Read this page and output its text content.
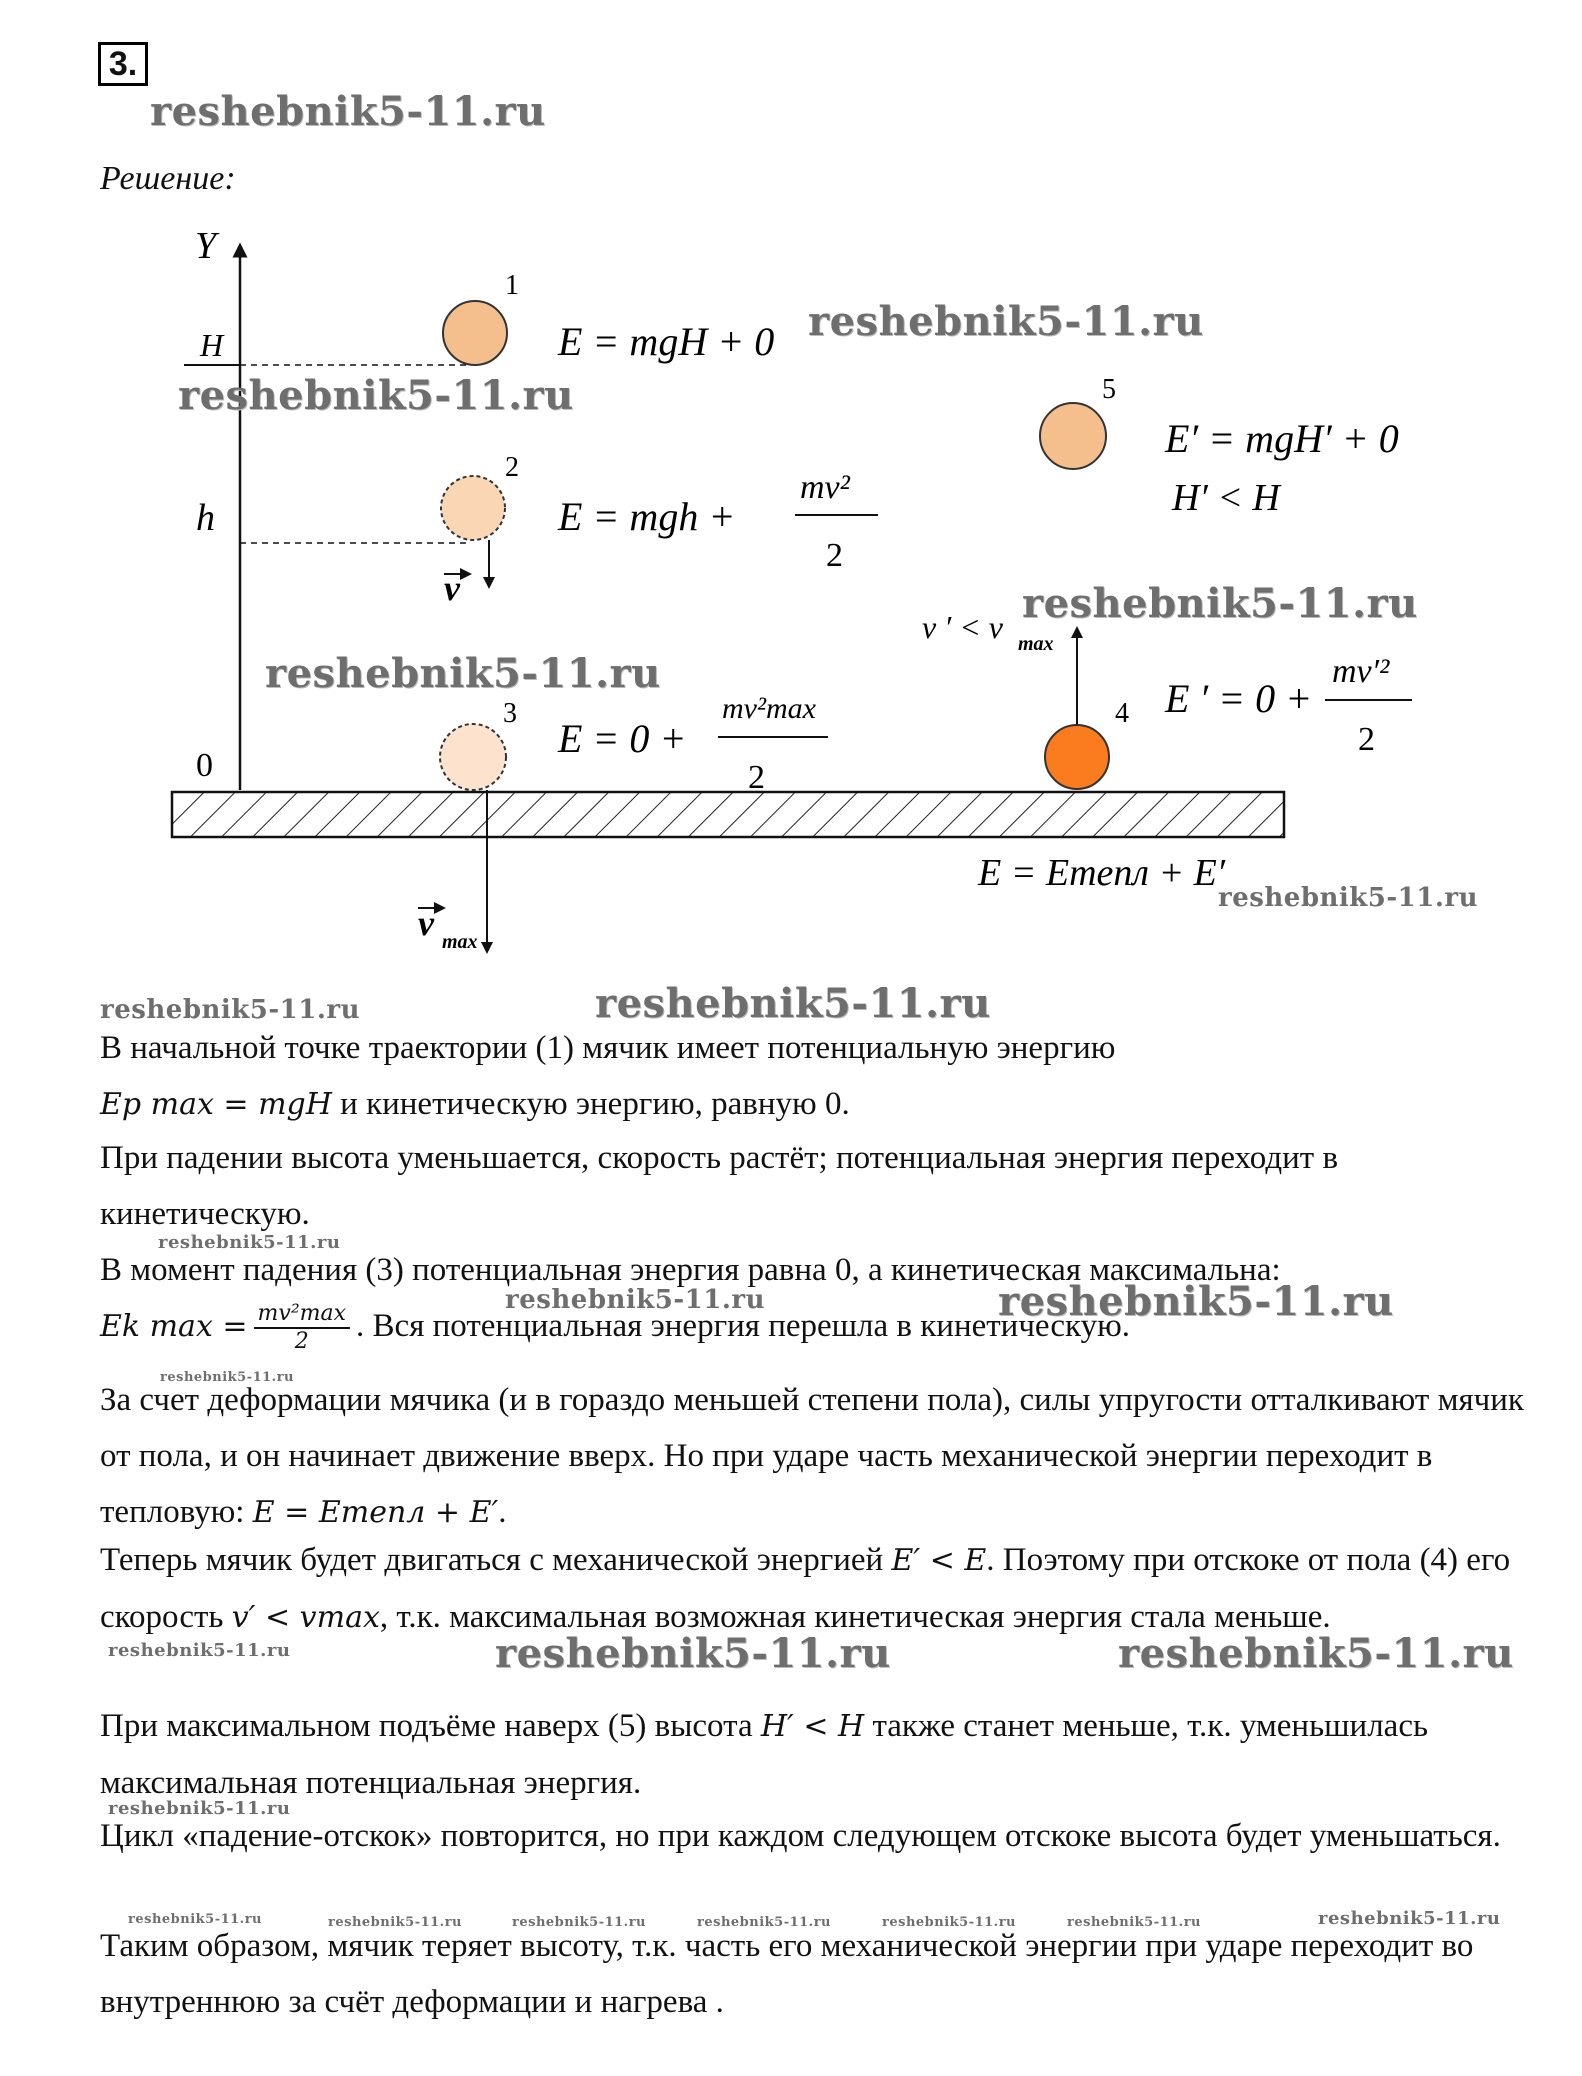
3.
reshebnik5-11.ru
Решение:
Y
H
h
0
1
2
3	4
5
v
v max
v ′ < v max
E = mgH + 0
E = mgh +
mv²
2
E = 0 +
mv²max
2
E ′ = 0 +
mv′²
2
E′ = mgH′ + 0
H′ < H
E = Eтепл + E′
reshebnik5-11.ru
reshebnik5-11.ru
reshebnik5-11.ru
reshebnik5-11.ru
reshebnik5-11.ru
reshebnik5-11.ru	reshebnik5-11.ru
В начальной точке траектории (1) мячик имеет потенциальную энергию
Ep max = mgH и кинетическую энергию, равную 0.
При падении высота уменьшается, скорость растёт; потенциальная энергия переходит в кинетическую.
reshebnik5-11.ru
В момент падения (3) потенциальная энергия равна 0, а кинетическая максимальна:
Ek $\max = \frac{\text{mv²max}}{2}$ . Вся потенциальная энергия перешла в кинетическую.
reshebnik5-11.ru	reshebnik5-11.ru
reshebnik5-11.ru
За счет деформации мячика (и в гораздо меньшей степени пола), силы упругости отталкивают мячик от пола, и он начинает движение вверх. Но при ударе часть механической энергии переходит в тепловую: E = Eтепл + E′.
Теперь мячик будет двигаться с механической энергией E′ < E. Поэтому при отскоке от пола (4) его скорость v′ < vmax, т.к. максимальная возможная кинетическая энергия стала меньше.
reshebnik5-11.ru	reshebnik5-11.ru	reshebnik5-11.ru
При максимальном подъёме наверх (5) высота H′ < H также станет меньше, т.к. уменьшилась максимальная потенциальная энергия.
reshebnik5-11.ru
Цикл «падение-отскок» повторится, но при каждом следующем отскоке высота будет уменьшаться.
reshebnik5-11.ru	reshebnik5-11.ru	reshebnik5-11.ru	reshebnik5-11.ru	reshebnik5-11.ru	reshebnik5-11.ru	reshebnik5-11.ru
Таким образом, мячик теряет высоту, т.к. часть его механической энергии при ударе переходит во внутреннюю за счёт деформации и нагрева .
